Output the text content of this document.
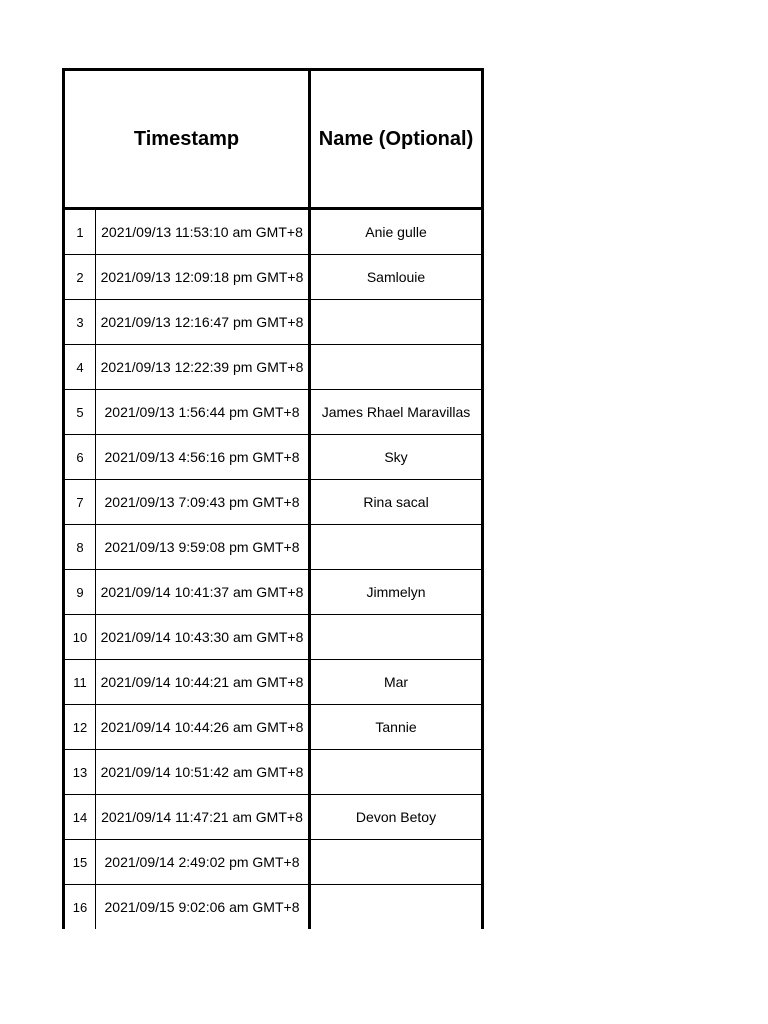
Timestamp		Name (Optional)
1	2021/09/13 11:53:10 am GMT+8	Anie gulle
2	2021/09/13 12:09:18 pm GMT+8	Samlouie
3	2021/09/13 12:16:47 pm GMT+8	
4	2021/09/13 12:22:39 pm GMT+8	
5	2021/09/13 1:56:44 pm GMT+8	James Rhael Maravillas
6	2021/09/13 4:56:16 pm GMT+8	Sky
7	2021/09/13 7:09:43 pm GMT+8	Rina sacal
8	2021/09/13 9:59:08 pm GMT+8	
9	2021/09/14 10:41:37 am GMT+8	Jimmelyn
10	2021/09/14 10:43:30 am GMT+8	
11	2021/09/14 10:44:21 am GMT+8	Mar
12	2021/09/14 10:44:26 am GMT+8	Tannie
13	2021/09/14 10:51:42 am GMT+8	
14	2021/09/14 11:47:21 am GMT+8	Devon Betoy
15	2021/09/14 2:49:02 pm GMT+8	
16	2021/09/15 9:02:06 am GMT+8	
